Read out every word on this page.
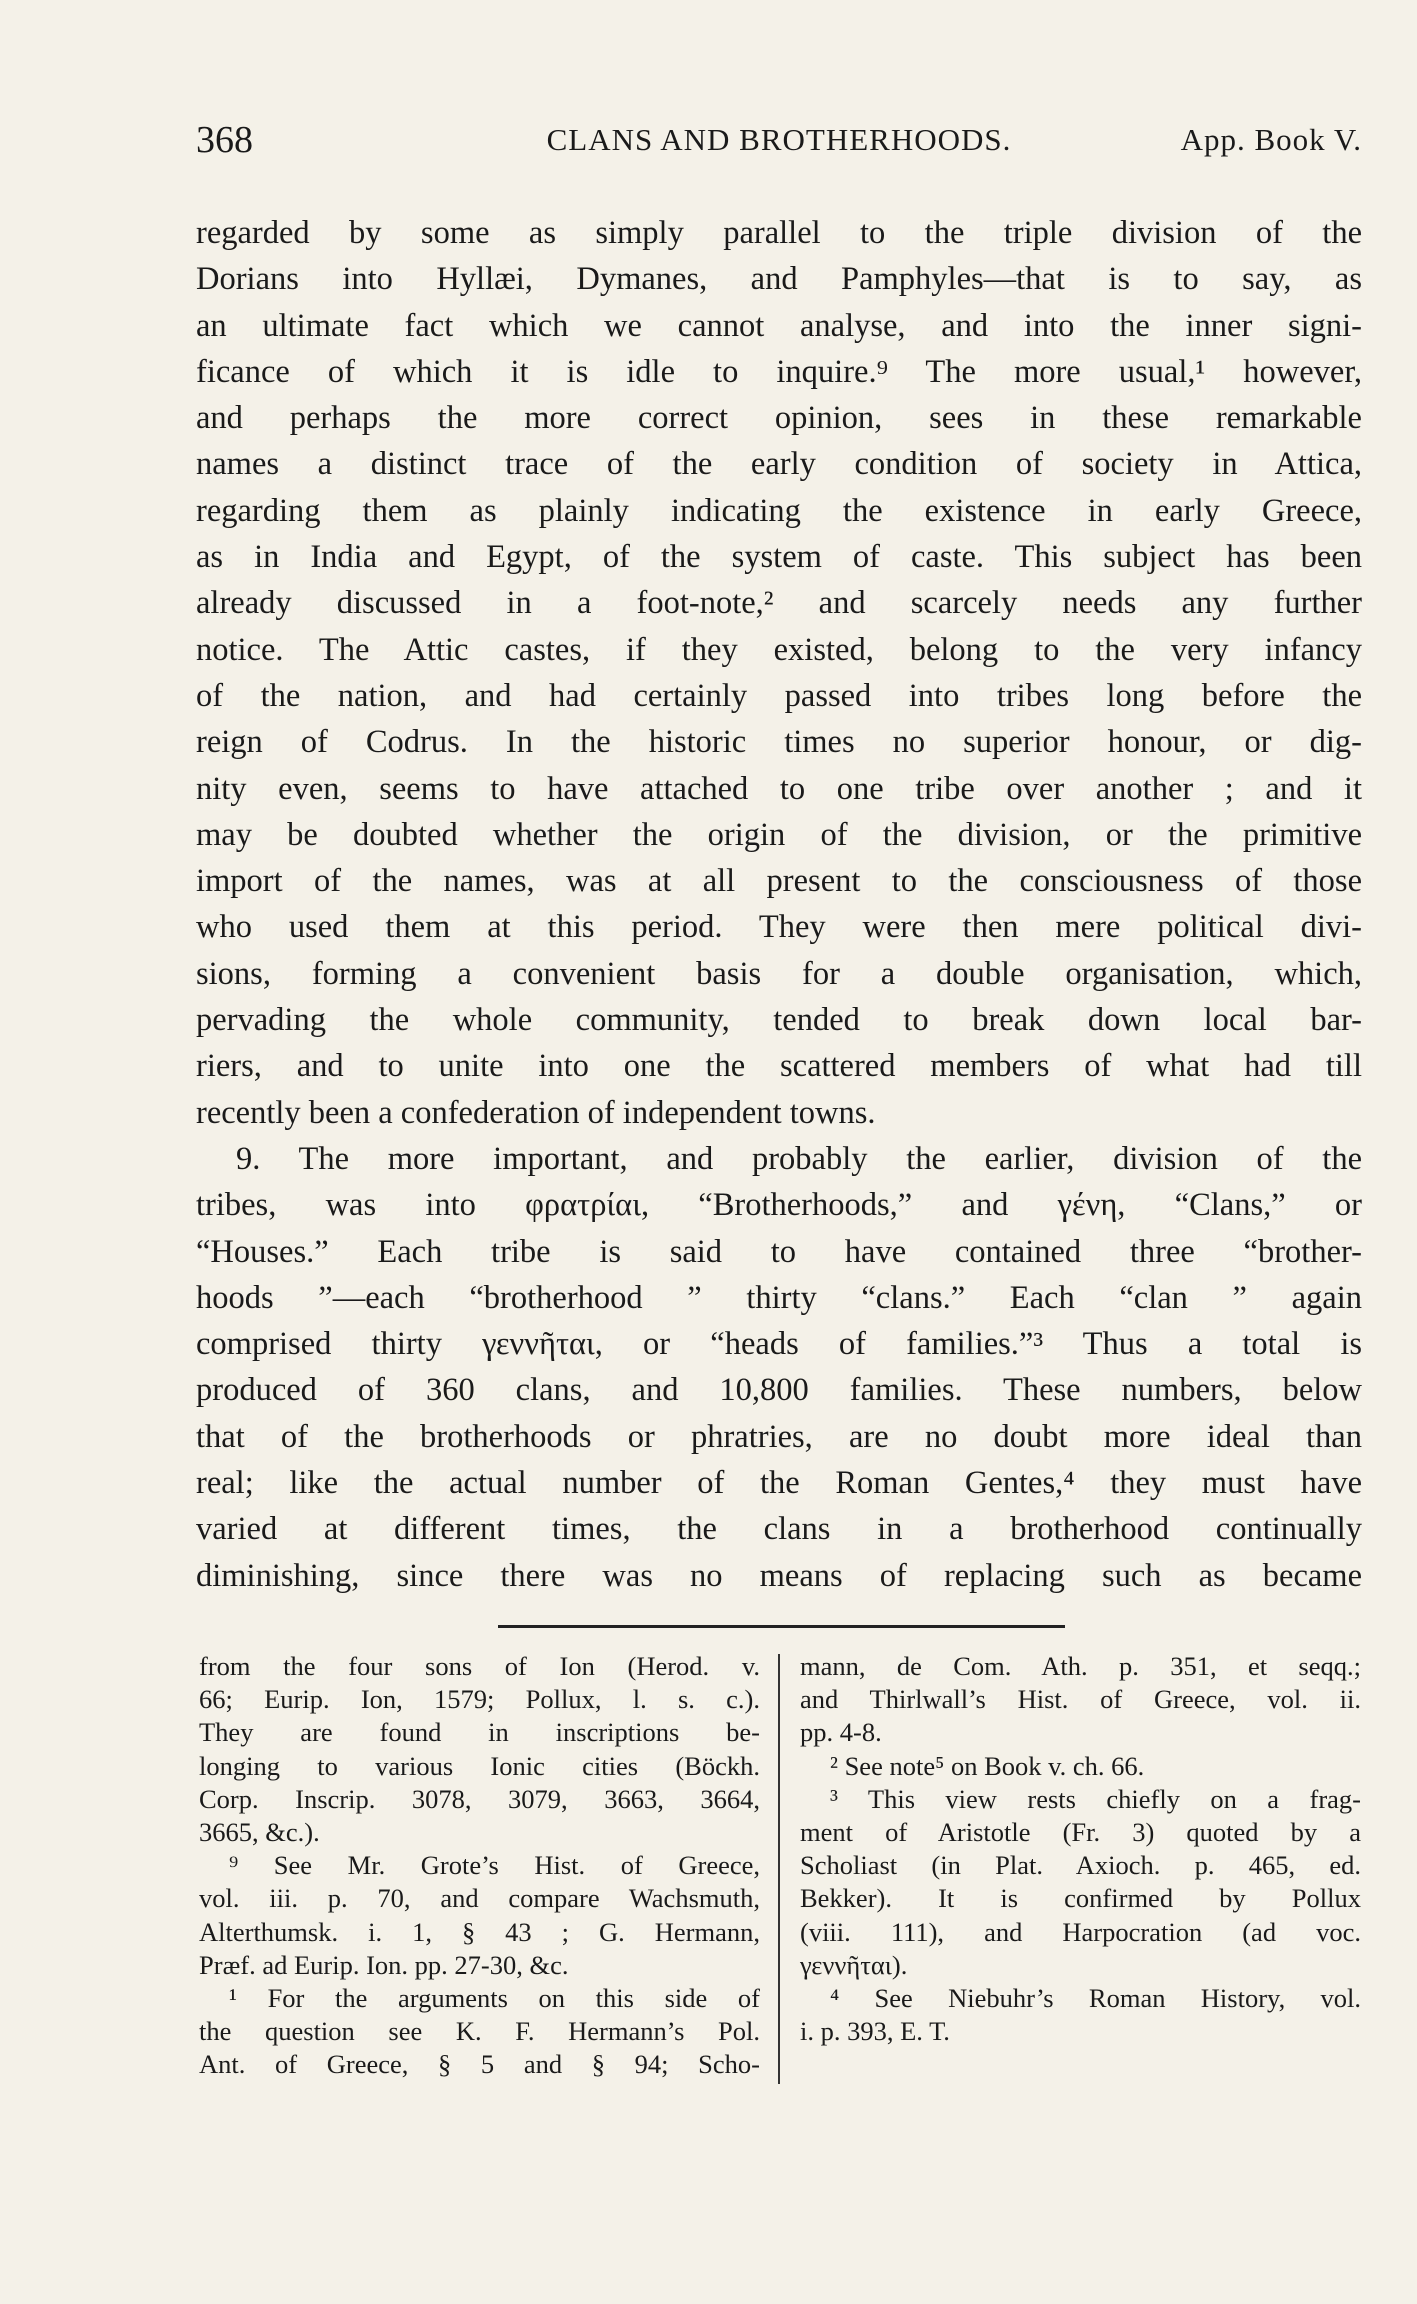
368	CLANS AND BROTHERHOODS.	App. Book V.
regarded by some as simply parallel to the triple division of the
Dorians into Hyllæi, Dymanes, and Pamphyles—that is to say, as
an ultimate fact which we cannot analyse, and into the inner signi-
ficance of which it is idle to inquire.⁹ The more usual,¹ however,
and perhaps the more correct opinion, sees in these remarkable
names a distinct trace of the early condition of society in Attica,
regarding them as plainly indicating the existence in early Greece,
as in India and Egypt, of the system of caste. This subject has been
already discussed in a foot-note,² and scarcely needs any further
notice. The Attic castes, if they existed, belong to the very infancy
of the nation, and had certainly passed into tribes long before the
reign of Codrus. In the historic times no superior honour, or dig-
nity even, seems to have attached to one tribe over another ; and it
may be doubted whether the origin of the division, or the primitive
import of the names, was at all present to the consciousness of those
who used them at this period. They were then mere political divi-
sions, forming a convenient basis for a double organisation, which,
pervading the whole community, tended to break down local bar-
riers, and to unite into one the scattered members of what had till
recently been a confederation of independent towns.
9. The more important, and probably the earlier, division of the
tribes, was into φρατρίαι, “Brotherhoods,” and γένη, “Clans,” or
“Houses.” Each tribe is said to have contained three “brother-
hoods ”—each “brotherhood ” thirty “clans.” Each “clan ” again
comprised thirty γεννῆται, or “heads of families.”³ Thus a total is
produced of 360 clans, and 10,800 families. These numbers, below
that of the brotherhoods or phratries, are no doubt more ideal than
real; like the actual number of the Roman Gentes,⁴ they must have
varied at different times, the clans in a brotherhood continually
diminishing, since there was no means of replacing such as became
from the four sons of Ion (Herod. v.
66; Eurip. Ion, 1579; Pollux, l. s. c.).
They are found in inscriptions be-
longing to various Ionic cities (Böckh.
Corp. Inscrip. 3078, 3079, 3663, 3664,
3665, &c.).
⁹ See Mr. Grote’s Hist. of Greece,
vol. iii. p. 70, and compare Wachsmuth,
Alterthumsk. i. 1, § 43 ; G. Hermann,
Præf. ad Eurip. Ion. pp. 27-30, &c.
¹ For the arguments on this side of
the question see K. F. Hermann’s Pol.
Ant. of Greece, § 5 and § 94; Scho-
mann, de Com. Ath. p. 351, et seqq.;
and Thirlwall’s Hist. of Greece, vol. ii.
pp. 4-8.
² See note⁵ on Book v. ch. 66.
³ This view rests chiefly on a frag-
ment of Aristotle (Fr. 3) quoted by a
Scholiast (in Plat. Axioch. p. 465, ed.
Bekker). It is confirmed by Pollux
(viii. 111), and Harpocration (ad voc.
γεννῆται).
⁴ See Niebuhr’s Roman History, vol.
i. p. 393, E. T.
